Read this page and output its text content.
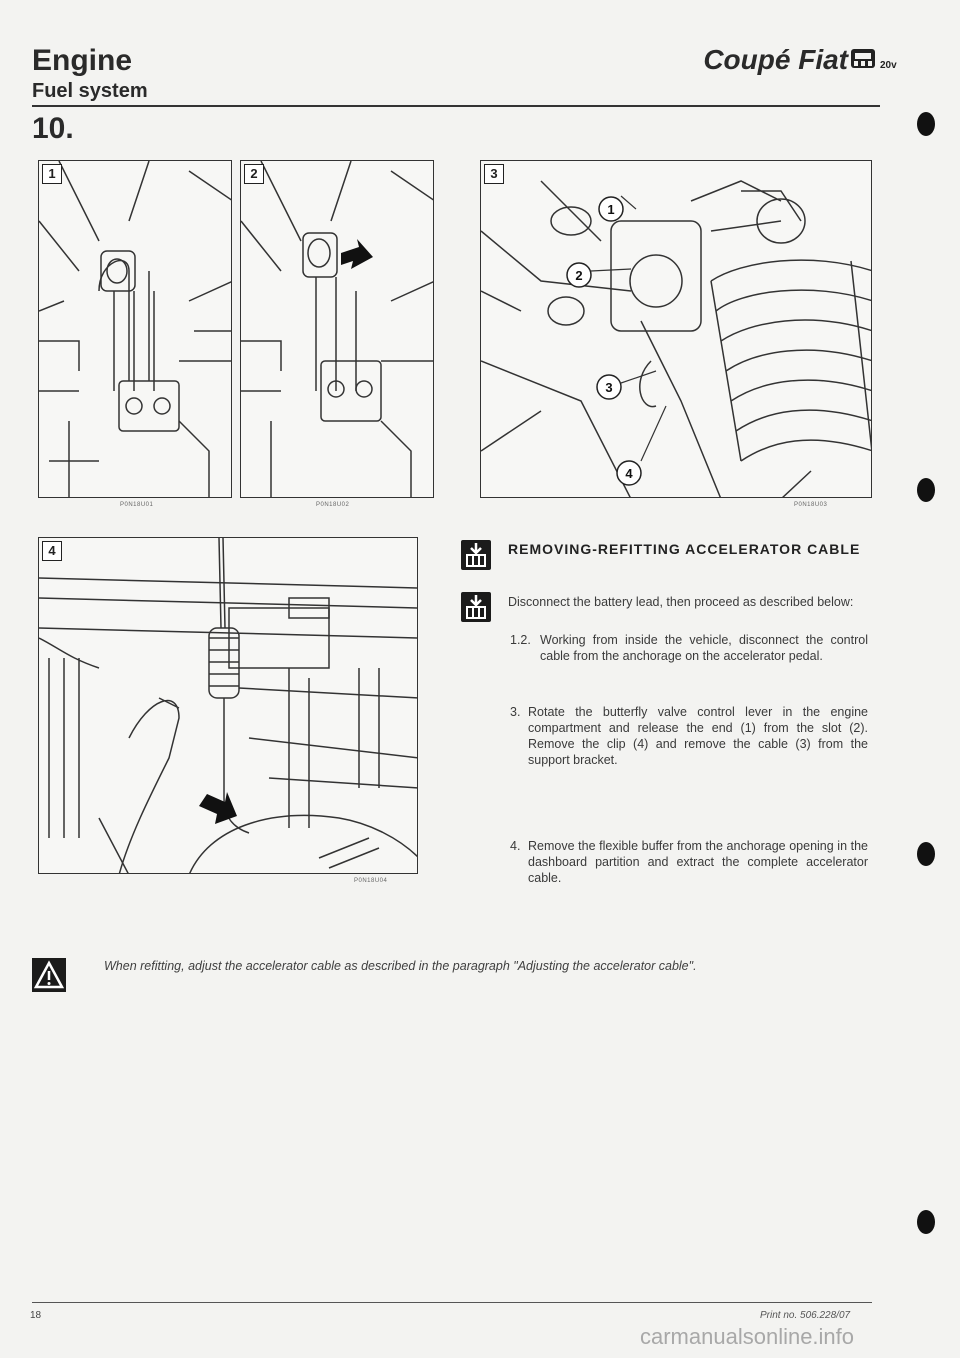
Engine
Fuel system
Coupé Fiat	20v
10.
1
P0N18U01
2
P0N18U02
1
2
3
4
3
P0N18U03
4
P0N18U04
REMOVING-REFITTING ACCELERATOR CABLE
Disconnect the battery lead, then proceed as described below:
1.2. Working from inside the vehicle, disconnect the control cable from the anchorage on the accelerator pedal.
3. Rotate the butterfly valve control lever in the engine compartment and release the end (1) from the slot (2). Remove the clip (4) and remove the cable (3) from the support bracket.
4. Remove the flexible buffer from the anchorage opening in the dashboard partition and extract the complete accelerator cable.
When refitting, adjust the accelerator cable as described in the paragraph "Adjusting the accelerator cable".
18	Print no. 506.228/07
carmanualsonline.info
